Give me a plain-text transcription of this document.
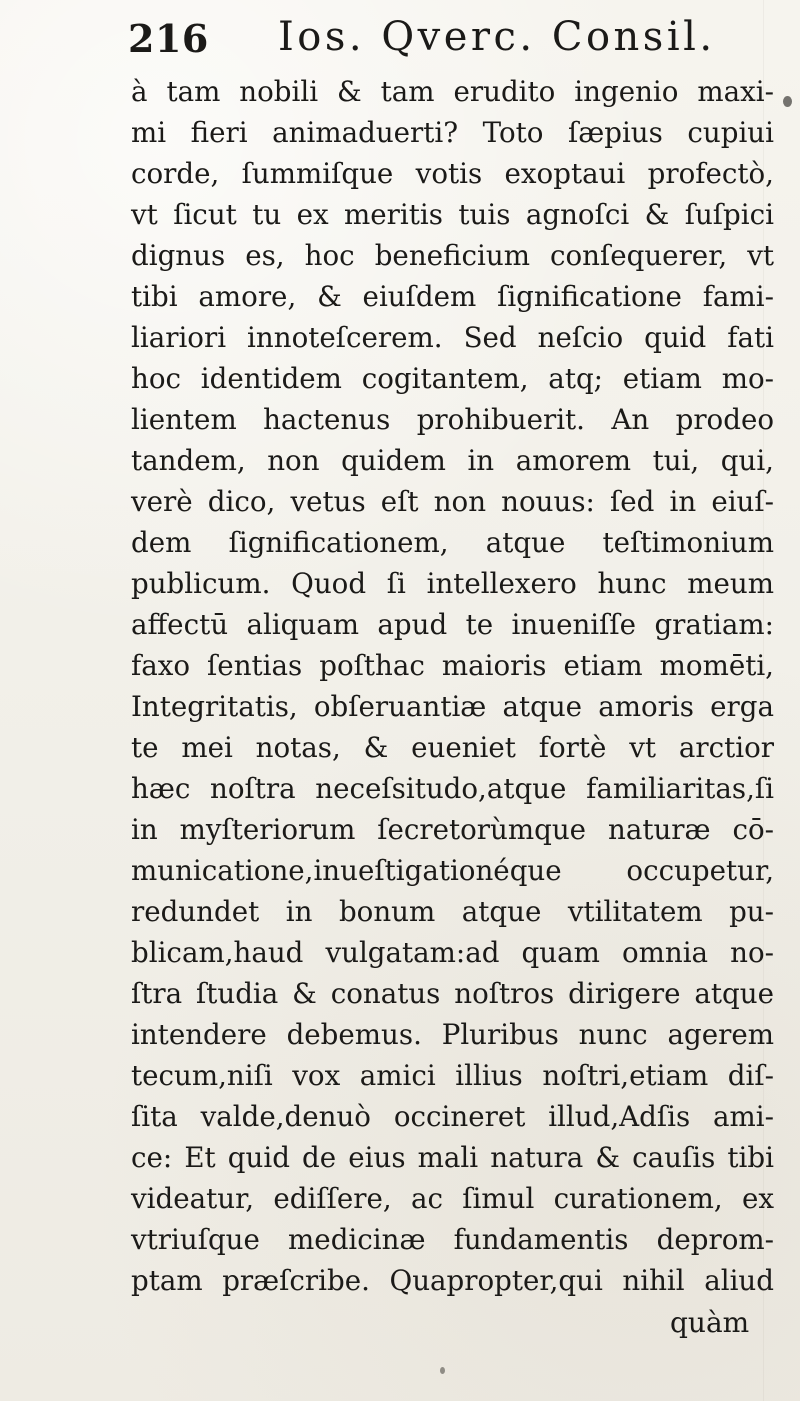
216 Ios. Qverc. Consil.
à tam nobili & tam erudito ingenio maxi-
mi fieri animaduerti? Toto ſæpius cupiui
corde, ſummiſque votis exoptaui profectò,
vt ſicut tu ex meritis tuis agnoſci & ſuſpici
dignus es, hoc beneficium conſequerer, vt
tibi amore, & eiuſdem ſignificatione fami-
liariori innoteſcerem. Sed neſcio quid fati
hoc identidem cogitantem, atq; etiam mo-
lientem hactenus prohibuerit. An prodeo
tandem, non quidem in amorem tui, qui,
verè dico, vetus eſt non nouus: ſed in eiuſ-
dem ſignificationem, atque teſtimonium
publicum. Quod ſi intellexero hunc meum
affectū aliquam apud te inueniſſe gratiam:
faxo ſentias poſthac maioris etiam momēti,
Integritatis, obſeruantiæ atque amoris erga
te mei notas, & eueniet fortè vt arctior
hæc noſtra neceſsitudo,atque familiaritas,ſi
in myſteriorum ſecretorùmque naturæ cō-
municatione,inueſtigationéque occupetur,
redundet in bonum atque vtilitatem pu-
blicam,haud vulgatam:ad quam omnia no-
ſtra ſtudia & conatus noſtros dirigere atque
intendere debemus. Pluribus nunc agerem
tecum,niſi vox amici illius noſtri,etiam diſ-
ſita valde,denuò occineret illud,Adſis ami-
ce: Et quid de eius mali natura & cauſis tibi
videatur, ediſſere, ac ſimul curationem, ex
vtriuſque medicinæ fundamentis deprom-
ptam præſcribe. Quapropter,qui nihil aliud
quàm
